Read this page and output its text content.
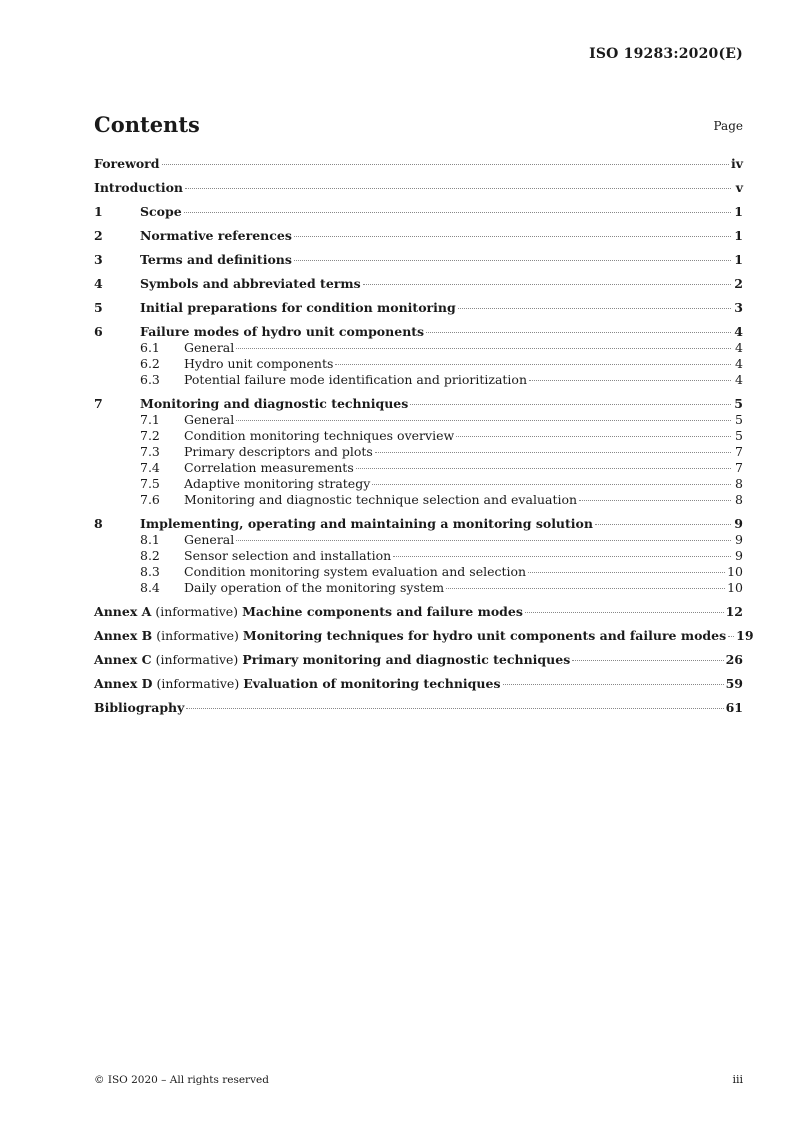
ISO 19283:2020(E)
Contents	Page
Foreword	iv
Introduction	v
1	Scope	1
2	Normative references	1
3	Terms and definitions	1
4	Symbols and abbreviated terms	2
5	Initial preparations for condition monitoring	3
6	Failure modes of hydro unit components	4
6.1	General	4
6.2	Hydro unit components	4
6.3	Potential failure mode identification and prioritization	4
7	Monitoring and diagnostic techniques	5
7.1	General	5
7.2	Condition monitoring techniques overview	5
7.3	Primary descriptors and plots	7
7.4	Correlation measurements	7
7.5	Adaptive monitoring strategy	8
7.6	Monitoring and diagnostic technique selection and evaluation	8
8	Implementing, operating and maintaining a monitoring solution	9
8.1	General	9
8.2	Sensor selection and installation	9
8.3	Condition monitoring system evaluation and selection	10
8.4	Daily operation of the monitoring system	10
Annex A (informative) Machine components and failure modes	12
Annex B (informative) Monitoring techniques for hydro unit components and failure modes 19
Annex C (informative) Primary monitoring and diagnostic techniques	26
Annex D (informative) Evaluation of monitoring techniques	59
Bibliography	61
© ISO 2020 – All rights reserved	iii
